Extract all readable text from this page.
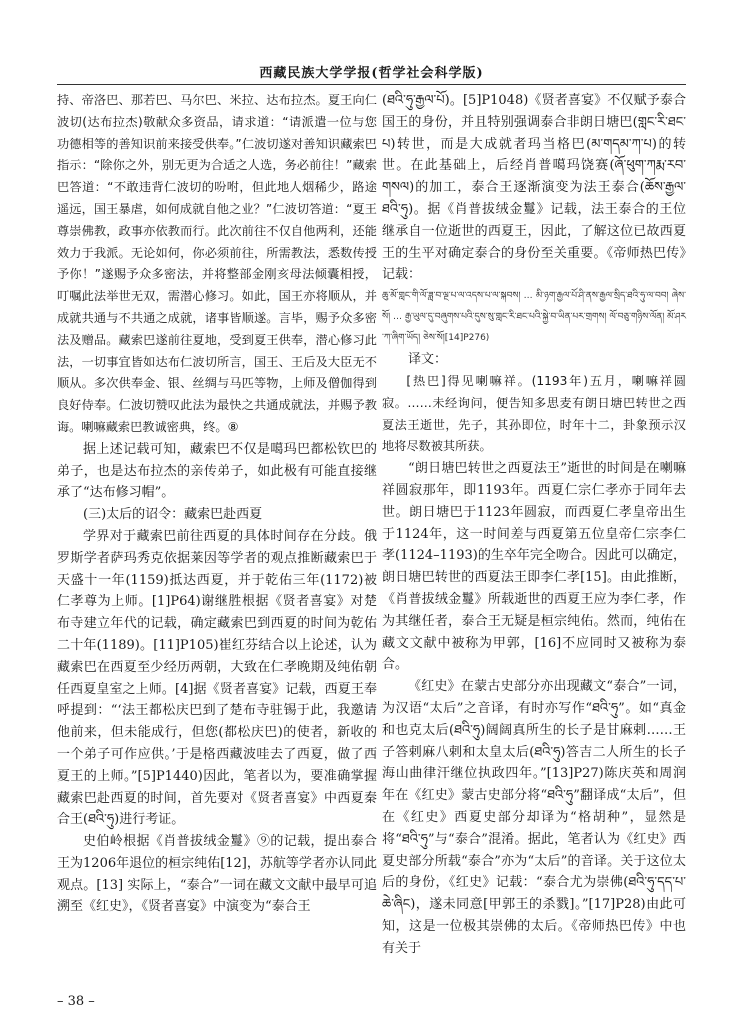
西藏民族大学学报(哲学社会科学版)

持、帝洛巴、那若巴、马尔巴、米拉、达布拉杰。夏王向仁波切(达布拉杰)敬献众多资品，请求道：“请派遣一位与您功德相等的善知识前来接受供奉。”仁波切遂对善知识藏索巴指示：“除你之外，别无更为合适之人选，务必前往！”藏索巴答道：“不敢违背仁波切的吩咐，但此地人烟稀少，路途遥远，国王暴虐，如何成就自他之业？”仁波切答道：“夏王尊崇佛教，政事亦依教而行。此次前往不仅自他两利，还能效力于我派。无论如何，你必须前往，所需教法，悉数传授予你！”遂赐予众多密法，并将整部金刚亥母法倾囊相授，叮嘱此法举世无双，需潜心修习。如此，国王亦将顺从，并成就共通与不共通之成就，诸事皆顺遂。言毕，赐予众多密法及赠品。藏索巴遂前往夏地，受到夏王供奉，潜心修习此法，一切事宜皆如达布仁波切所言，国王、王后及大臣无不顺从。多次供奉金、银、丝绸与马匹等物，上师及僧伽得到良好侍奉。仁波切赞叹此法为最快之共通成就法，并赐予教诲。喇嘛藏索巴教诚密典，终。⑧

据上述记载可知，藏索巴不仅是噶玛巴都松钦巴的弟子，也是达布拉杰的亲传弟子，如此极有可能直接继承了“达布修习帽”。

(三)太后的诏令：藏索巴赴西夏

学界对于藏索巴前往西夏的具体时间存在分歧。俄罗斯学者萨玛秀克依据莱因等学者的观点推断藏索巴于天盛十一年(1159)抵达西夏，并于乾佑三年(1172)被仁孝尊为上师。[1]P64)谢继胜根据《贤者喜宴》对楚布寺建立年代的记载，确定藏索巴到西夏的时间为乾佑二十年(1189)。[11]P105)崔红芬结合以上论述，认为藏索巴在西夏至少经历两朝，大致在仁孝晚期及纯佑朝任西夏皇室之上师。[4]据《贤者喜宴》记载，西夏王奉呼提到：“‘法王都松庆巴到了楚布寺驻锡于此，我邀请他前来，但未能成行，但您(都松庆巴)的使者，新收的一个弟子可作应供。’于是格西藏波哇去了西夏，做了西夏王的上师。”[5]P1440)因此，笔者以为，要准确掌握藏索巴赴西夏的时间，首先要对《贤者喜宴》中西夏秦合王(ཐའི་ཧུ)进行考证。

史伯岭根据《肖普拔绒金鬘》⑨的记载，提出泰合王为1206年退位的桓宗纯佑[12]，苏航等学者亦认同此观点。[13] 实际上，“泰合”一词在藏文文献中最早可追溯至《红史》，《贤者喜宴》中演变为“泰合王

(ཐའི་ཧུ་རྒྱལ་པོ)。[5]P1048)《贤者喜宴》不仅赋予泰合国王的身份，并且特别强调泰合非朗日塘巴(གླང་རི་ཐང་པ)转世，而是大成就者玛当格巴(མ་གདམ་ཀ་པ)的转世。在此基础上，后经肖普噶玛饶赛(ཞོ་ཕུག་ཀརྨ་རབ་གསལ)的加工，泰合王逐渐演变为法王泰合(ཆོས་རྒྱལ་ཐའི་ཧུ)。据《肖普拔绒金鬘》记载，法王泰合的王位继承自一位逝世的西夏王，因此，了解这位已故西夏王的生平对确定泰合的身份至关重要。《帝师热巴传》记载：

ཆུ་མོ་གླང་གི་ལོ་ཟླ་བ་ལྔ་པ་ལ་འདས་པ་ལ་སྐབས། … མི་ཉག་རྒྱལ་པོ་ཤི་ནས་རྒྱལ་སྲིད་ཐའི་ཧུ་ལ་བབ། ཞེས་སོ། … རྒྱ་ཡུལ་དུ་བཞུགས་པའི་དུས་སུ་གླང་རི་ཐང་པའི་སྐྱེ་བ་ཡིན་པར་གྲགས། ལོ་བཅུ་གཉིས་ལོན། མོ་ཤར་ཀ་ཞིག་ཡོད། ཅེས་སོ།[14]P276)

译文：

[热巴]得见喇嘛祥。(1193年)五月，喇嘛祥圆寂。……未经询问，便告知多思麦有朗日塘巴转世之西夏法王逝世，先子，其孙即位，时年十二，卦象预示汉地将尽数被其所获。

“朗日塘巴转世之西夏法王”逝世的时间是在喇嘛祥圆寂那年，即1193年。西夏仁宗仁孝亦于同年去世。朗日塘巴于1123年圆寂，而西夏仁孝皇帝出生于1124年，这一时间差与西夏第五位皇帝仁宗李仁孝(1124–1193)的生卒年完全吻合。因此可以确定，朗日塘巴转世的西夏法王即李仁孝[15]。由此推断，《肖普拔绒金鬘》所载逝世的西夏王应为李仁孝，作为其继任者，泰合王无疑是桓宗纯佑。然而，纯佑在藏文文献中被称为甲郭，[16]不应同时又被称为泰合。

《红史》在蒙古史部分亦出现藏文“泰合”一词，为汉语“太后”之音译，有时亦写作“ཐའི་ཧུ”。如“真金和也克太后(ཐའི་ཧུ)阔阔真所生的长子是甘麻剌……王子答剌麻八剌和太皇太后(ཐའི་ཧུ)答吉二人所生的长子海山曲律汗继位执政四年。”[13]P27)陈庆英和周润年在《红史》蒙古史部分将“ཐའི་ཧུ”翻译成“太后”，但在《红史》西夏史部分却译为“格胡种”，显然是将“ཐའི་ཧུ”与“泰合”混淆。据此，笔者认为《红史》西夏史部分所载“泰合”亦为“太后”的音译。关于这位太后的身份，《红史》记载：“泰合尤为崇佛(ཐའི་ཧུ་དད་པ་ཆེ་ཞིང)，遂未同意[甲郭王的杀戮]。”[17]P28)由此可知，这是一位极其崇佛的太后。《帝师热巴传》中也有关于

– 38 –
